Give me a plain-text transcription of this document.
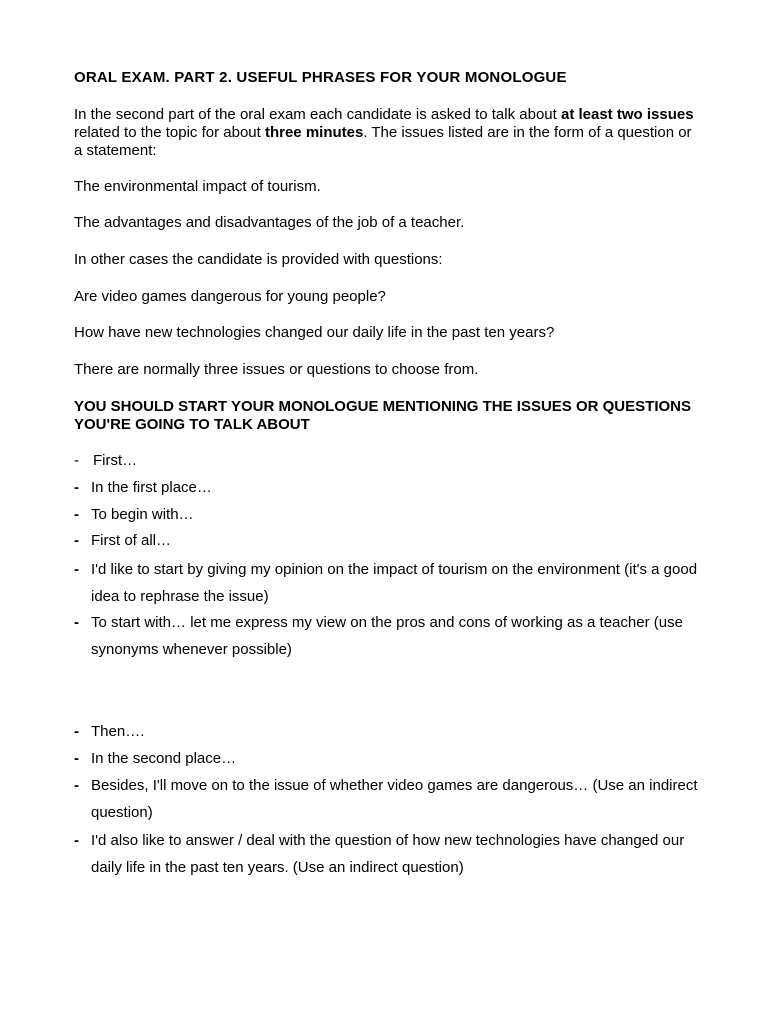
ORAL EXAM. PART 2. USEFUL PHRASES FOR YOUR MONOLOGUE
In the second part of the oral exam each candidate is asked to talk about at least two issues related to the topic for about three minutes. The issues listed are in the form of a question or a statement:
The environmental impact of tourism.
The advantages and disadvantages of the job of a teacher.
In other cases the candidate is provided with questions:
Are video games dangerous for young people?
How have new technologies changed our daily life in the past ten years?
There are normally three issues or questions to choose from.
YOU SHOULD START YOUR MONOLOGUE MENTIONING THE ISSUES OR QUESTIONS YOU'RE GOING TO TALK ABOUT
- First…
- In the first place…
- To begin with…
- First of all…
- I'd like to start by giving my opinion on the impact of tourism on the environment (it's a good idea to rephrase the issue)
- To start with… let me express my view on the pros and cons of working as a teacher (use synonyms whenever possible)
- Then….
- In the second place…
- Besides, I'll move on to the issue of whether video games are dangerous… (Use an indirect question)
- I'd also like to answer / deal with the question of how new technologies have changed our daily life in the past ten years. (Use an indirect question)
